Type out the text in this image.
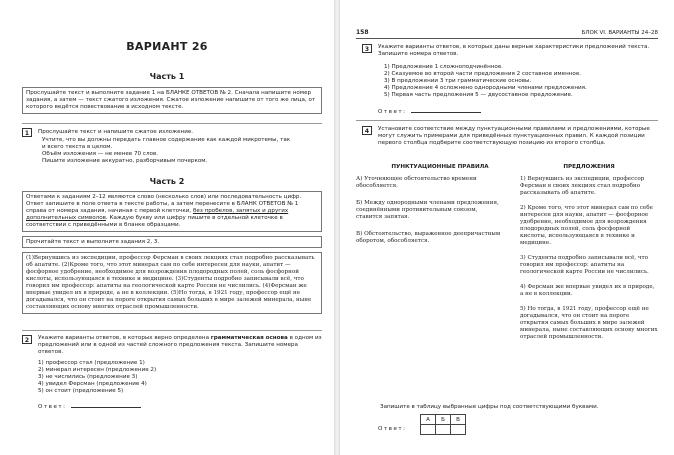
ВАРИАНТ 26
Часть 1
Прослушайте текст и выполните задание 1 на БЛАНКЕ ОТВЕТОВ № 2. Сначала напишите номер задания, а затем — текст сжатого изложения. Сжатое изложение напишите от того же лица, от которого ведётся повествование в исходном тексте.
1	Прослушайте текст и напишите сжатое изложение.
Учтите, что вы должны передать главное содержание как каждой микротемы, так
и всего текста в целом.
Объём изложения — не менее 70 слов.
Пишите изложение аккуратно, разборчивым почерком.
Часть 2
Ответами к заданиям 2–12 являются слово (несколько слов) или последовательность цифр. Ответ запишите в поле ответа в тексте работы, а затем перенесите в БЛАНК ОТВЕТОВ № 1 справа от номера задания, начиная с первой клеточки, без пробелов, запятых и других дополнительных символов. Каждую букву или цифру пишите в отдельной клеточке в соответствии с приведёнными в бланке образцами.
Прочитайте текст и выполните задания 2, 3.
(1)Вернувшись из экспедиции, профессор Ферсман в своих лекциях стал подробно рассказывать об апатите. (2)Кроме того, что этот минерал сам по себе интересен для науки, апатит — фосфорное удобрение, необходимое для возрождения плодородных полей, соль фосфорной кислоты, использующаяся в технике и медицине. (3)Студенты подробно записывали всё, что говорил им профессор: апатиты на геологической карте России не числились. (4)Ферсман же впервые увидел их в природе, а не в коллекции. (5)Но тогда, в 1921 году, профессор ещё не догадывался, что он стоит на пороге открытия самых больших в мире залежей минерала, ныне составляющих основу многих отраслей промышленности.
2	Укажите варианты ответов, в которых верно определена грамматическая основа в одном из предложений или в одной из частей сложного предложения текста. Запишите номера ответов.
1) профессор стал (предложение 1)
2) минерал интересен (предложение 2)
3) не числились (предложение 3)
4) увидел Ферсман (предложение 4)
5) он стоит (предложение 5)
Ответ:
158	БЛОК VI. ВАРИАНТЫ 24–28
3	Укажите варианты ответов, в которых даны верные характеристики предложений текста. Запишите номера ответов.
1) Предложение 1 сложноподчинённое.
2) Сказуемое во второй части предложения 2 составное именное.
3) В предложении 3 три грамматические основы.
4) Предложение 4 осложнено однородными членами предложения.
5) Первая часть предложения 5 — двусоставное предложение.
Ответ:
4	Установите соответствие между пунктуационными правилами и предложениями, которые могут служить примерами для приведённых пунктуационных правил. К каждой позиции первого столбца подберите соответствующую позицию из второго столбца.
ПУНКТУАЦИОННЫЕ ПРАВИЛА	ПРЕДЛОЖЕНИЯ
А) Уточняющее обстоятельство времени обособляется.
Б) Между однородными членами предложения, соединёнными противительным союзом, ставится запятая.
В) Обстоятельство, выраженное деепричастным оборотом, обособляется.
1) Вернувшись из экспедиции, профессор Ферсман в своих лекциях стал подробно рассказывать об апатите.
2) Кроме того, что этот минерал сам по себе интересен для науки, апатит — фосфорное удобрение, необходимое для возрождения плодородных полей, соль фосфорной кислоты, использующаяся в технике и медицине.
3) Студенты подробно записывали всё, что говорил им профессор: апатиты на геологической карте России не числились.
4) Ферсман же впервые увидел их в природе, а не в коллекции.
5) Но тогда, в 1921 году, профессор ещё не догадывался, что он стоит на пороге открытия самых больших в мире залежей минерала, ныне составляющих основу многих отраслей промышленности.
Запишите в таблицу выбранные цифры под соответствующими буквами.
Ответ:
А	Б	В
